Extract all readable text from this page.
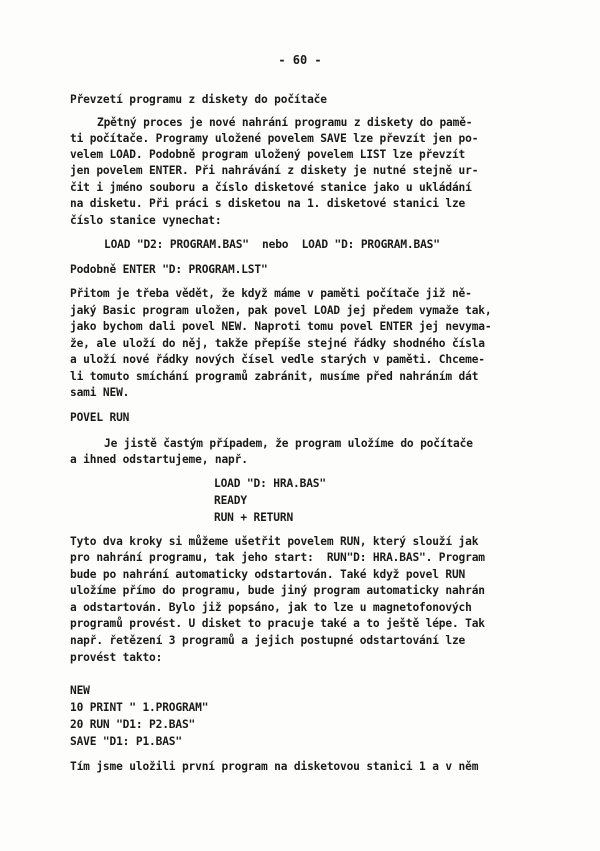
- 60 -
Převzetí programu z diskety do počítače
Zpětný proces je nové nahrání programu z diskety do pamě-
ti počítače. Programy uložené povelem SAVE lze převzít jen po-
velem LOAD. Podobně program uložený povelem LIST lze převzít
jen povelem ENTER. Při nahrávání z diskety je nutné stejně ur-
čit i jméno souboru a číslo disketové stanice jako u ukládání
na disketu. Při práci s disketou na 1. disketové stanici lze
číslo stanice vynechat:
LOAD "D2: PROGRAM.BAS"  nebo  LOAD "D: PROGRAM.BAS"
Podobně ENTER "D: PROGRAM.LST"
Přitom je třeba vědět, že když máme v paměti počítače již ně-
jaký Basic program uložen, pak povel LOAD jej předem vymaže tak,
jako bychom dali povel NEW. Naproti tomu povel ENTER jej nevyma-
že, ale uloží do něj, takže přepíše stejné řádky shodného čísla
a uloží nové řádky nových čísel vedle starých v paměti. Chceme-
li tomuto smíchání programů zabránit, musíme před nahráním dát
sami NEW.
POVEL RUN
Je jistě častým případem, že program uložíme do počítače
a ihned odstartujeme, např.
LOAD "D: HRA.BAS"
READY
RUN + RETURN
Tyto dva kroky si můžeme ušetřit povelem RUN, který slouží jak
pro nahrání programu, tak jeho start:  RUN"D: HRA.BAS". Program
bude po nahrání automaticky odstartován. Také když povel RUN
uložíme přímo do programu, bude jiný program automaticky nahrán
a odstartován. Bylo již popsáno, jak to lze u magnetofonových
programů provést. U disket to pracuje také a to ještě lépe. Tak
např. řetězení 3 programů a jejich postupné odstartování lze
provést takto:
NEW
10 PRINT " 1.PROGRAM"
20 RUN "D1: P2.BAS"
SAVE "D1: P1.BAS"
Tím jsme uložili první program na disketovou stanici 1 a v něm
